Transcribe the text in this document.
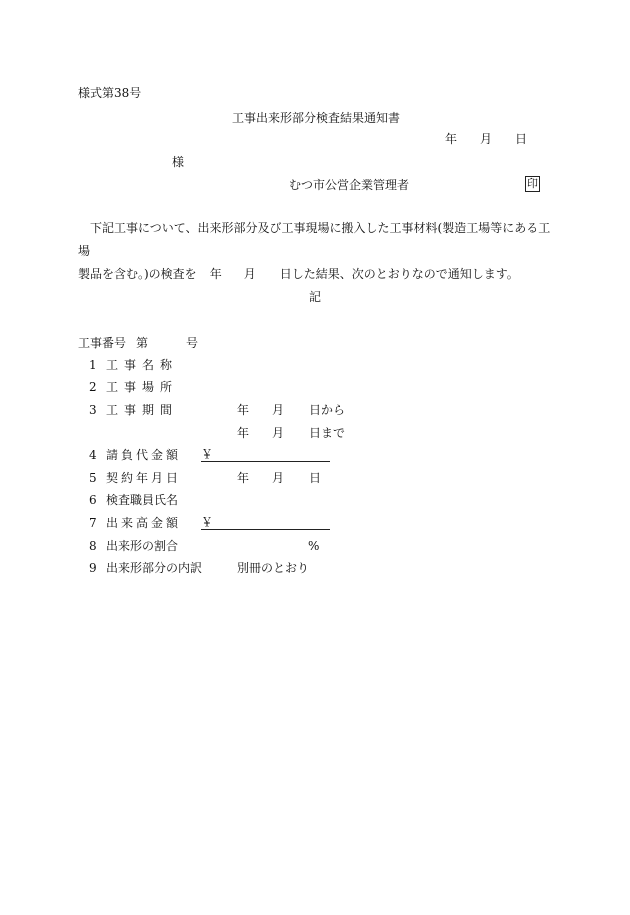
様式第38号
工事出来形部分検査結果通知書
年 月 日
様
むつ市公営企業管理者	印
下記工事について、出来形部分及び工事現場に搬入した工事材料(製造工場等にある工場
製品を含む。)の検査を 年 月 日した結果、次のとおりなので通知します。
記
工事番号 第	号
1 工事名称
2 工事場所
3 工事期間	年 月 日から
年 月 日まで
4 請負代金額 ￥
5 契約年月日	年 月 日
6 検査職員氏名
7 出来高金額 ￥
8 出来形の割合	%
9 出来形部分の内訳	別冊のとおり
